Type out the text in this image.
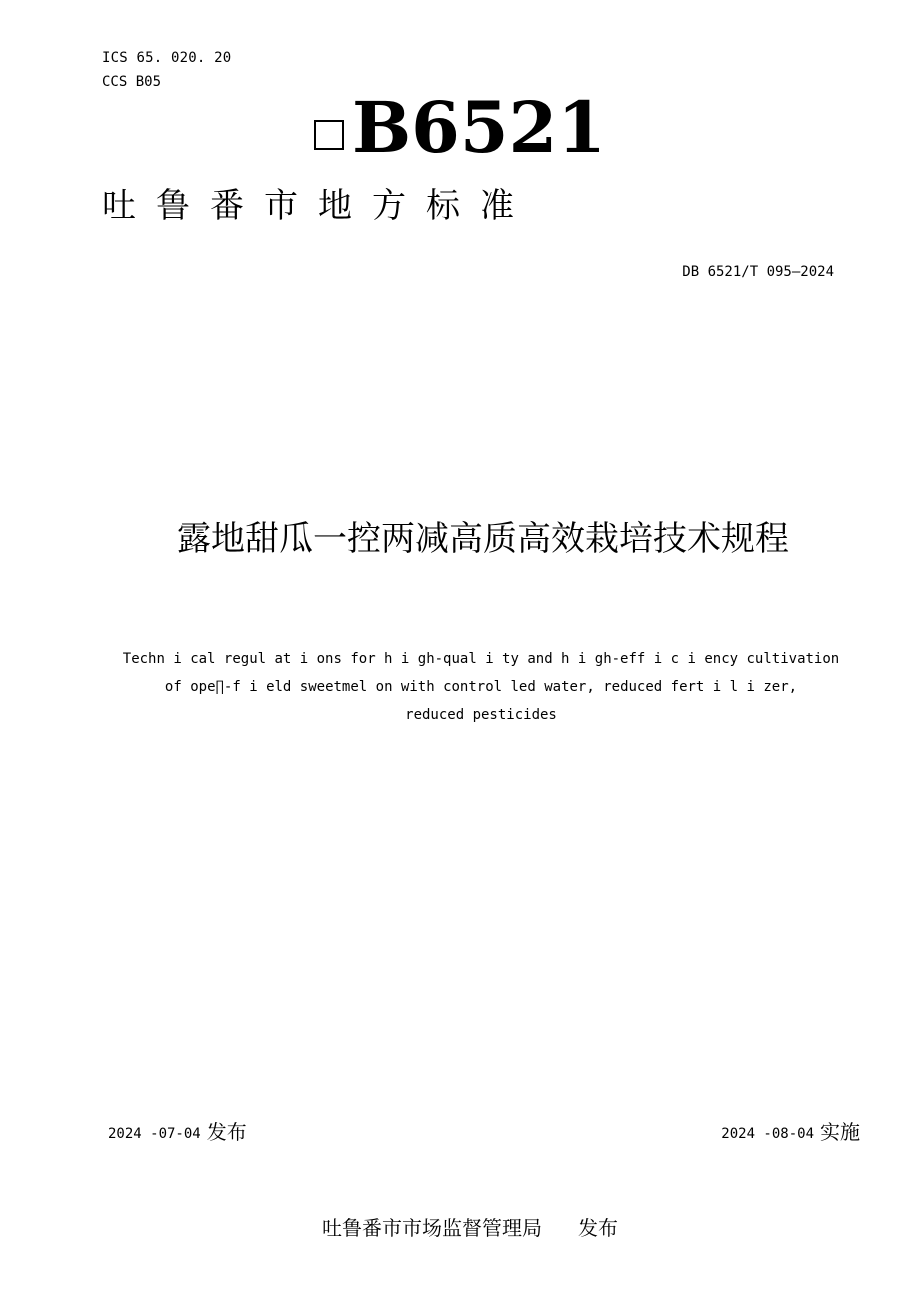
ICS 65. 020. 20
CCS B05
B6521
吐鲁番市地方标准
DB 6521/T 095—2024
露地甜瓜一控两减高质高效栽培技术规程
Techn i cal regul at i ons for h i gh-qual i ty and h i gh-eff i c i ency cultivation
of ope∏-f i eld sweetmel on with control led water, reduced fert i l i zer,
reduced pesticides
2024 -07-04 发布	2024 -08-04 实施
吐鲁番市市场监督管理局 发布
